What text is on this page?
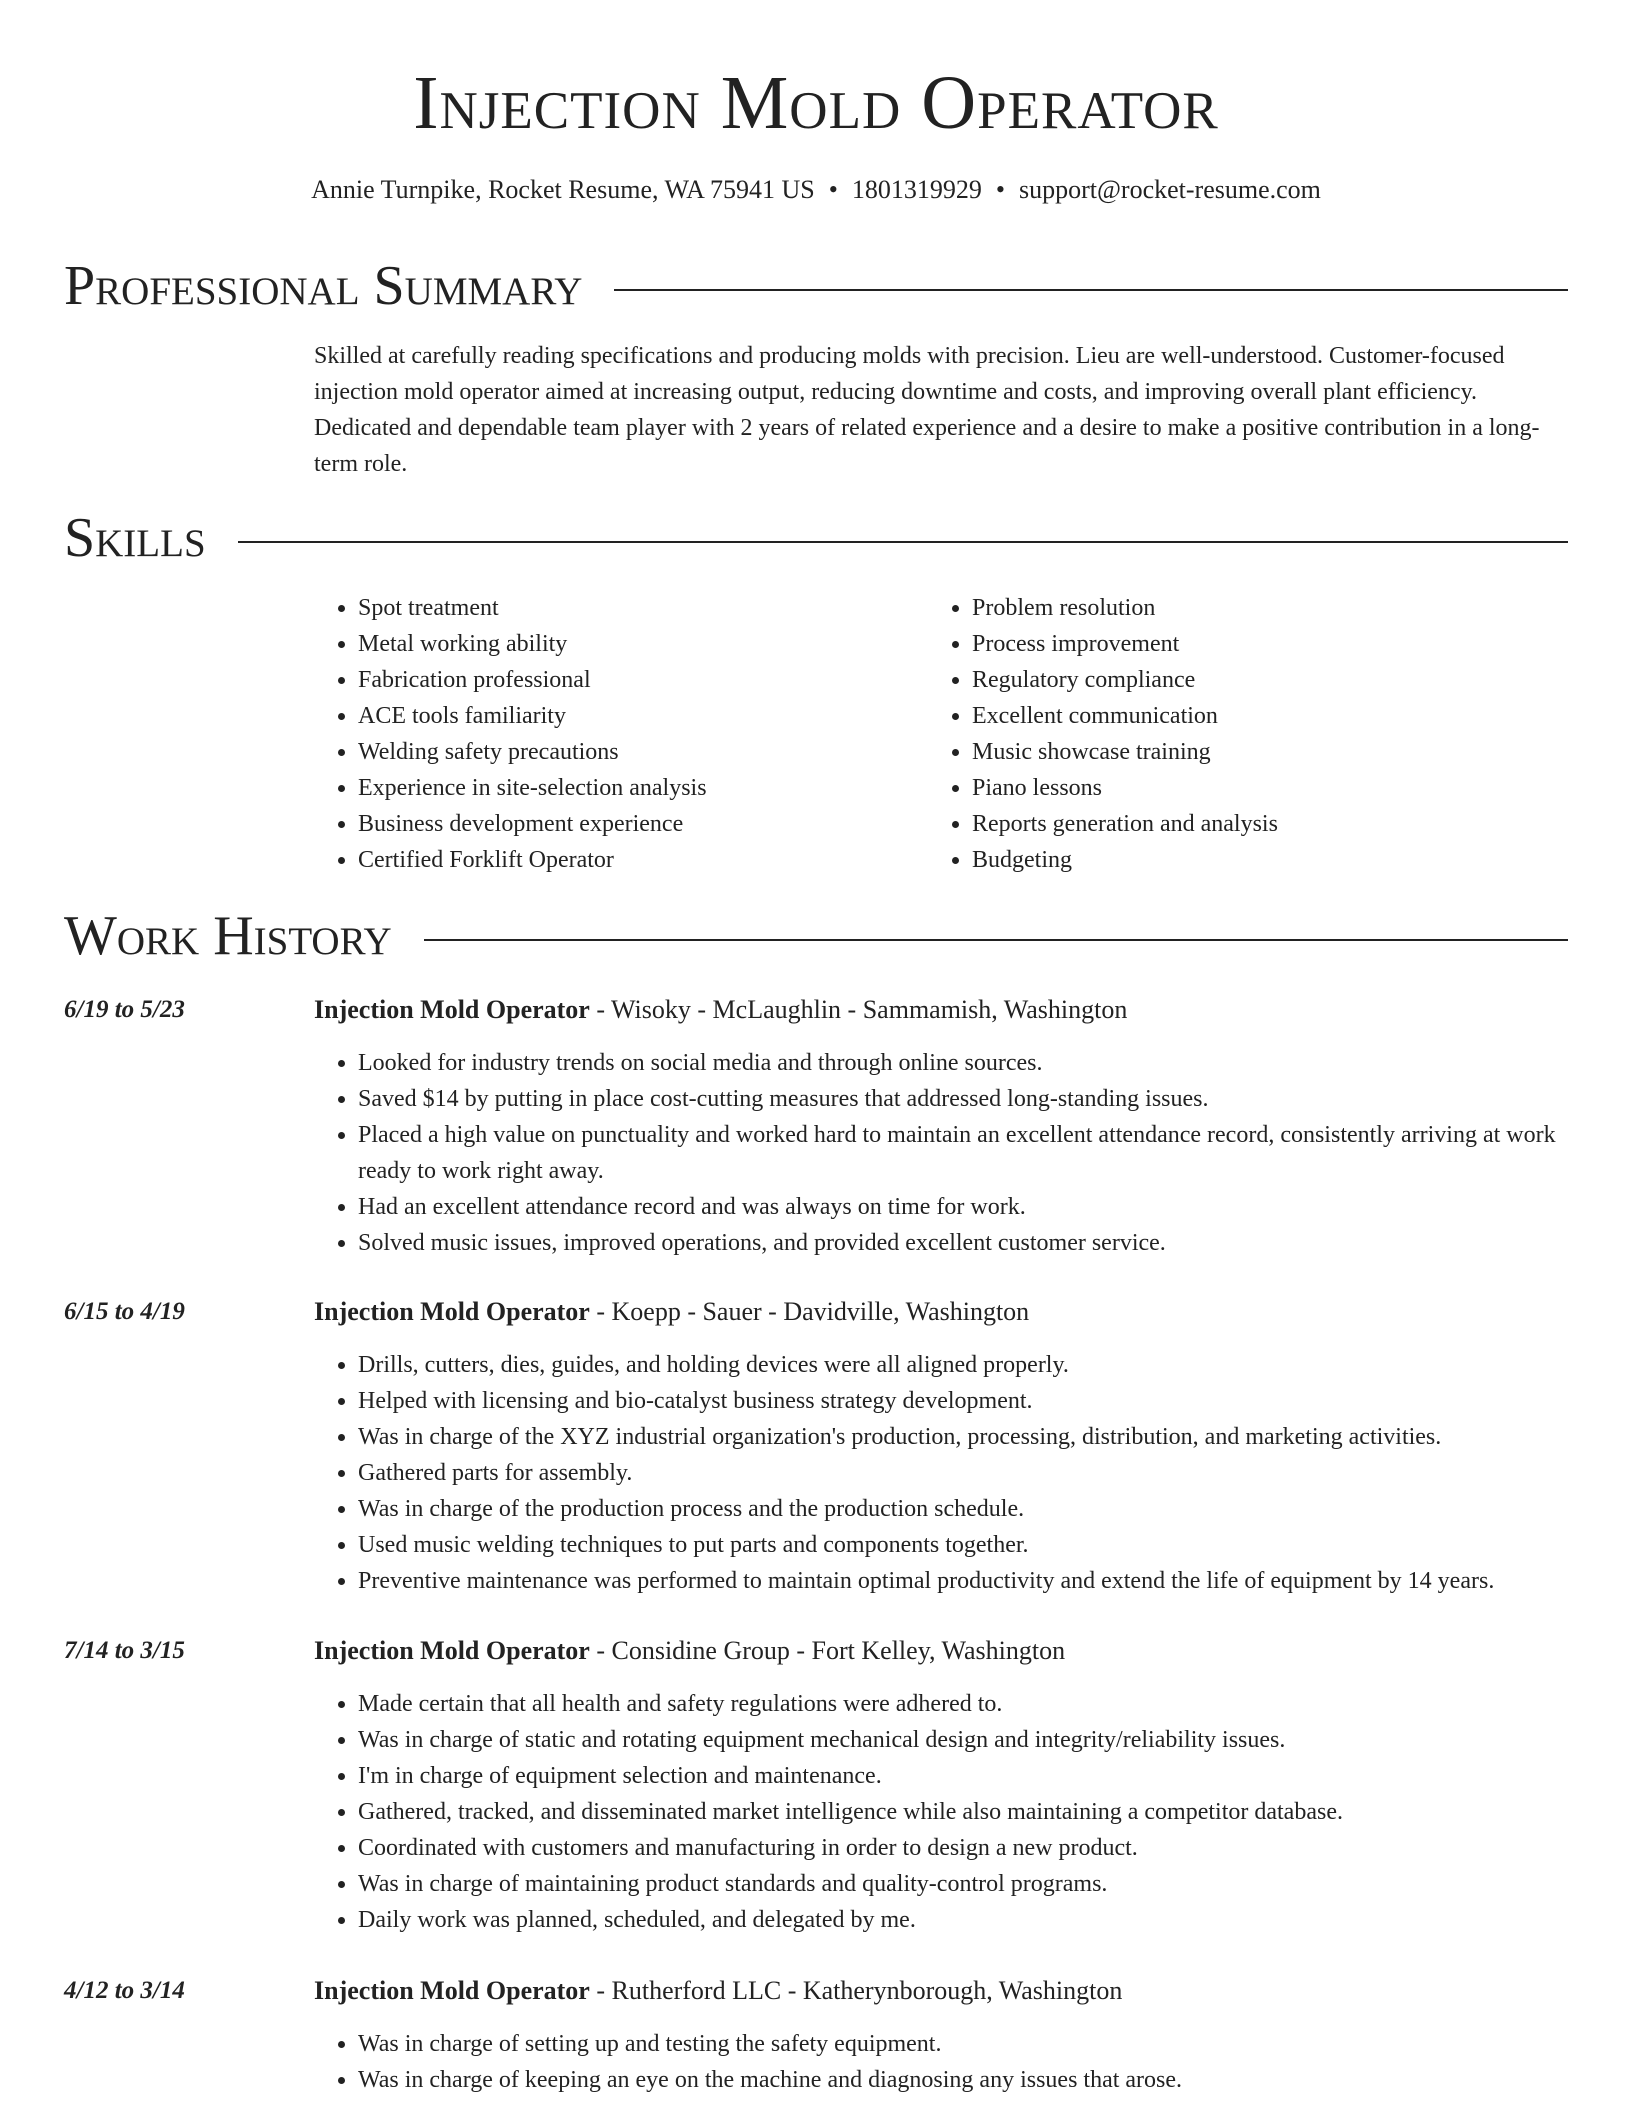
Injection Mold Operator
Annie Turnpike, Rocket Resume, WA 75941 US • 1801319929 • support@rocket-resume.com
Professional Summary

Skilled at carefully reading specifications and producing molds with precision. Lieu are well-understood. Customer-focused injection mold operator aimed at increasing output, reducing downtime and costs, and improving overall plant efficiency. Dedicated and dependable team player with 2 years of related experience and a desire to make a positive contribution in a long-term role.

Skills
• Spot treatment
• Metal working ability
• Fabrication professional
• ACE tools familiarity
• Welding safety precautions
• Experience in site-selection analysis
• Business development experience
• Certified Forklift Operator
• Problem resolution
• Process improvement
• Regulatory compliance
• Excellent communication
• Music showcase training
• Piano lessons
• Reports generation and analysis
• Budgeting
Work History
6/19 to 5/23	Injection Mold Operator - Wisoky - McLaughlin - Sammamish, Washington
• Looked for industry trends on social media and through online sources.
• Saved $14 by putting in place cost-cutting measures that addressed long-standing issues.
• Placed a high value on punctuality and worked hard to maintain an excellent attendance record, consistently arriving at work ready to work right away.
• Had an excellent attendance record and was always on time for work.
• Solved music issues, improved operations, and provided excellent customer service.
6/15 to 4/19	Injection Mold Operator - Koepp - Sauer - Davidville, Washington
• Drills, cutters, dies, guides, and holding devices were all aligned properly.
• Helped with licensing and bio-catalyst business strategy development.
• Was in charge of the XYZ industrial organization's production, processing, distribution, and marketing activities.
• Gathered parts for assembly.
• Was in charge of the production process and the production schedule.
• Used music welding techniques to put parts and components together.
• Preventive maintenance was performed to maintain optimal productivity and extend the life of equipment by 14 years.
7/14 to 3/15	Injection Mold Operator - Considine Group - Fort Kelley, Washington
• Made certain that all health and safety regulations were adhered to.
• Was in charge of static and rotating equipment mechanical design and integrity/reliability issues.
• I'm in charge of equipment selection and maintenance.
• Gathered, tracked, and disseminated market intelligence while also maintaining a competitor database.
• Coordinated with customers and manufacturing in order to design a new product.
• Was in charge of maintaining product standards and quality-control programs.
• Daily work was planned, scheduled, and delegated by me.
4/12 to 3/14	Injection Mold Operator - Rutherford LLC - Katherynborough, Washington
• Was in charge of setting up and testing the safety equipment.
• Was in charge of keeping an eye on the machine and diagnosing any issues that arose.
